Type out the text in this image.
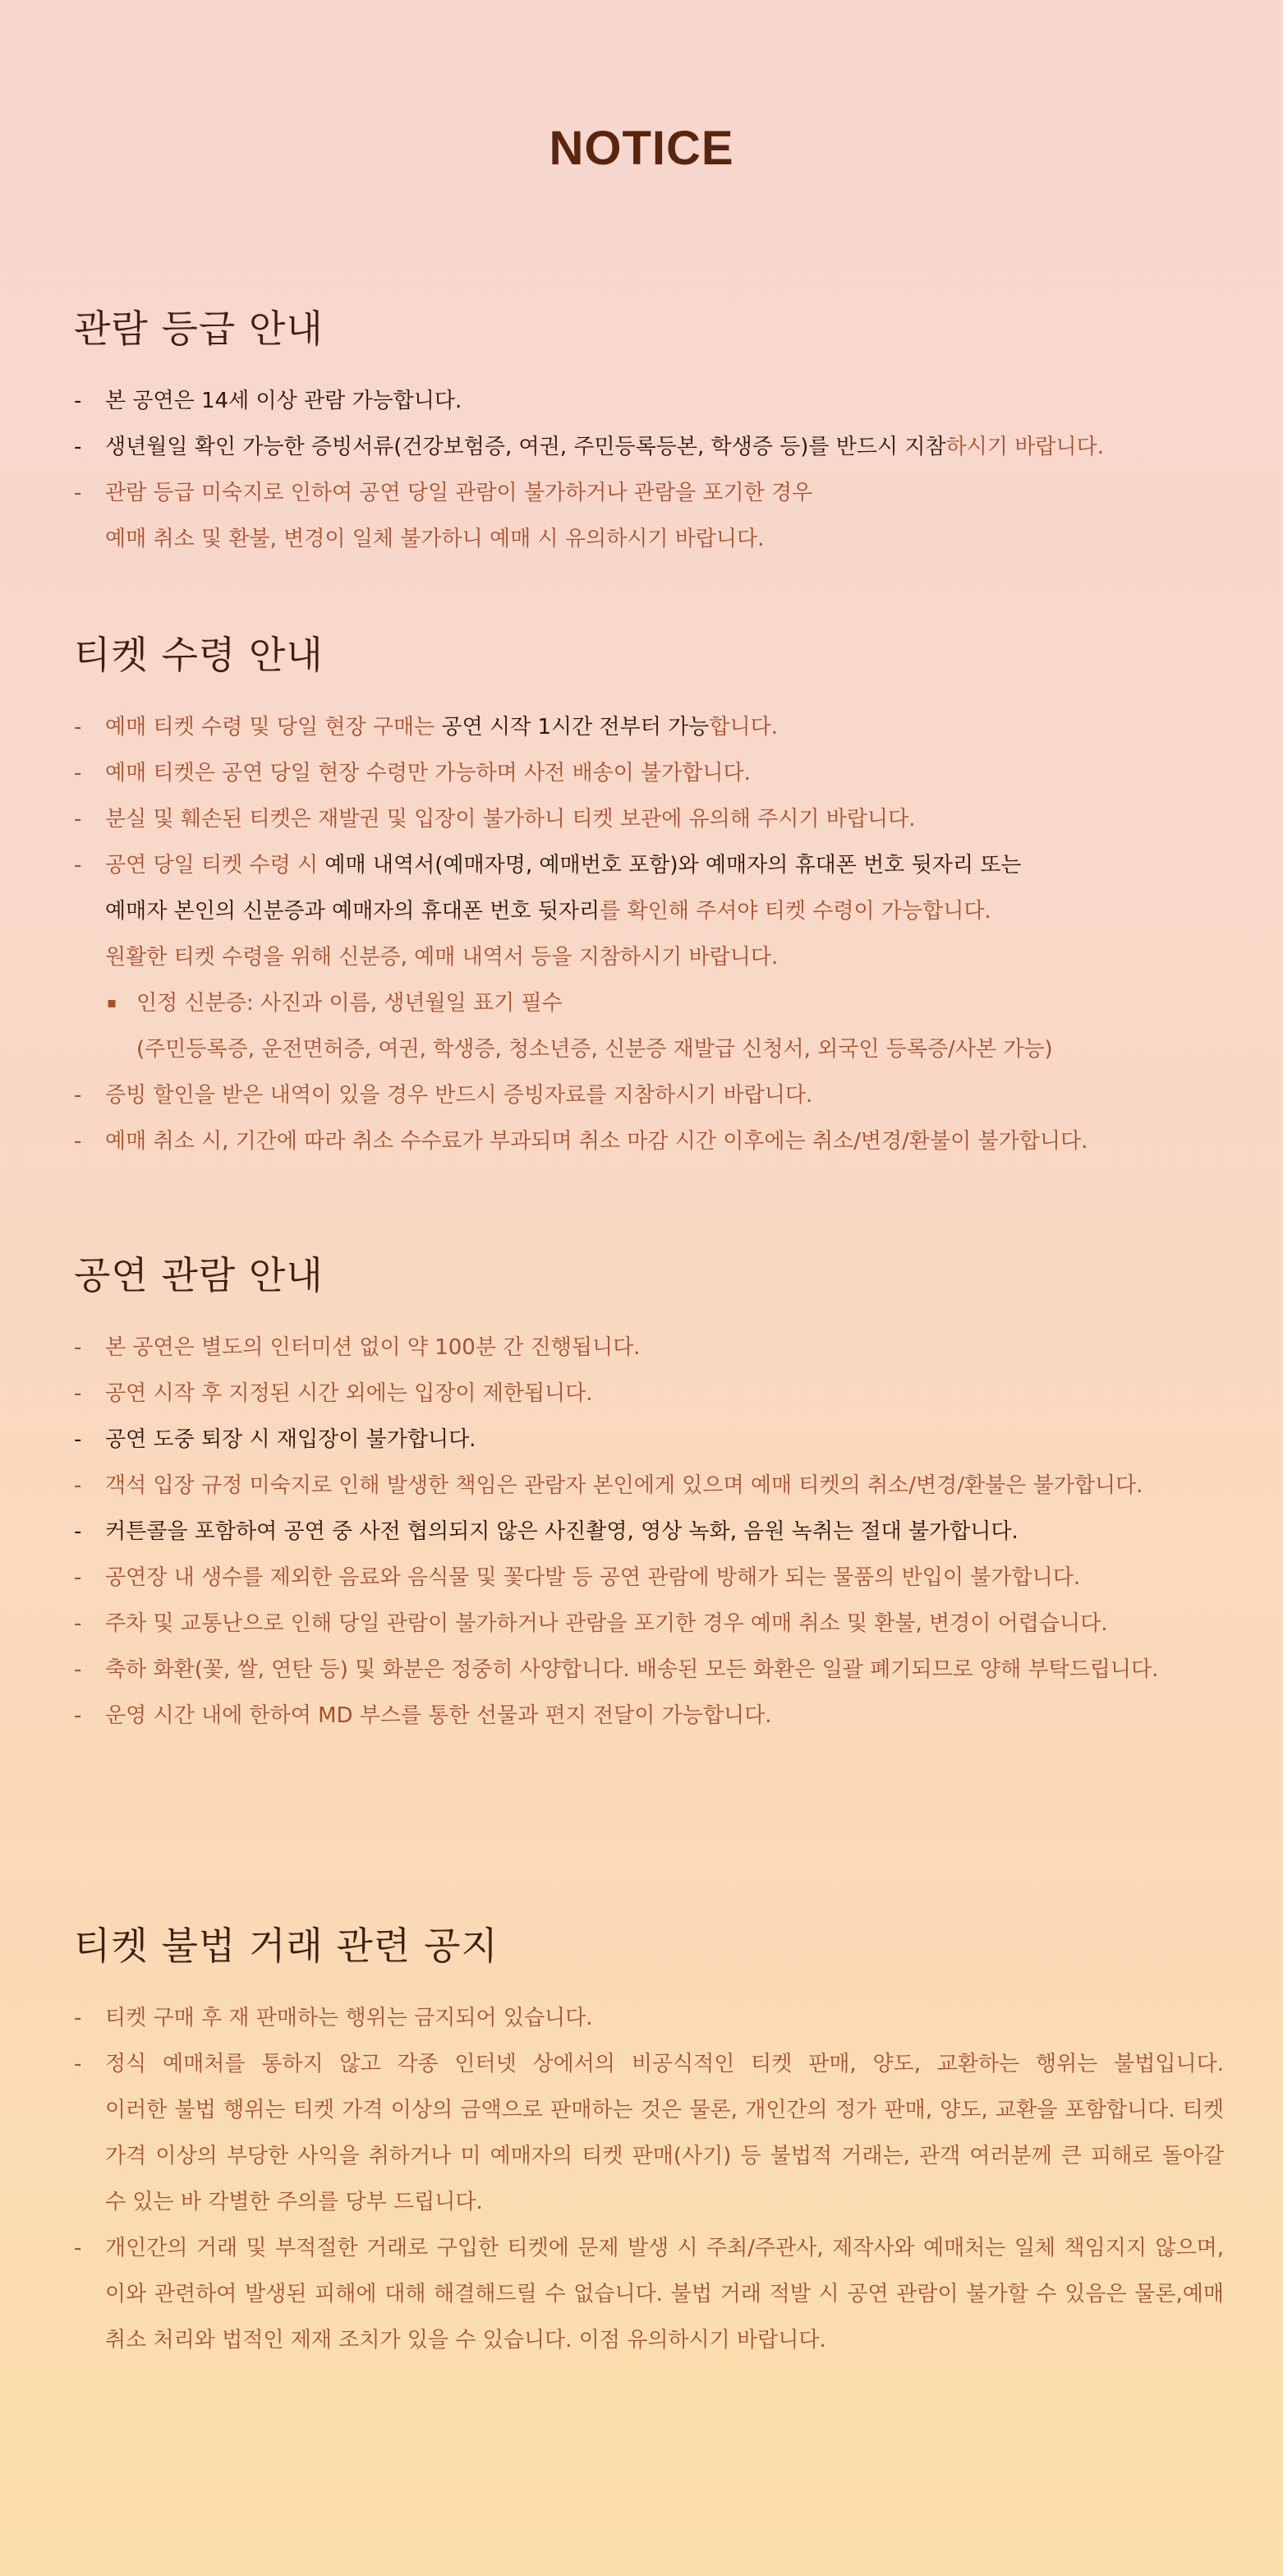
NOTICE
관람 등급 안내
- 본 공연은 14세 이상 관람 가능합니다.
- 생년월일 확인 가능한 증빙서류(건강보험증, 여권, 주민등록등본, 학생증 등)를 반드시 지참하시기 바랍니다.
- 관람 등급 미숙지로 인하여 공연 당일 관람이 불가하거나 관람을 포기한 경우
예매 취소 및 환불, 변경이 일체 불가하니 예매 시 유의하시기 바랍니다.
티켓 수령 안내
- 예매 티켓 수령 및 당일 현장 구매는 공연 시작 1시간 전부터 가능합니다.
- 예매 티켓은 공연 당일 현장 수령만 가능하며 사전 배송이 불가합니다.
- 분실 및 훼손된 티켓은 재발권 및 입장이 불가하니 티켓 보관에 유의해 주시기 바랍니다.
- 공연 당일 티켓 수령 시 예매 내역서(예매자명, 예매번호 포함)와 예매자의 휴대폰 번호 뒷자리 또는
예매자 본인의 신분증과 예매자의 휴대폰 번호 뒷자리를 확인해 주셔야 티켓 수령이 가능합니다.
원활한 티켓 수령을 위해 신분증, 예매 내역서 등을 지참하시기 바랍니다.
▪ 인정 신분증: 사진과 이름, 생년월일 표기 필수
(주민등록증, 운전면허증, 여권, 학생증, 청소년증, 신분증 재발급 신청서, 외국인 등록증/사본 가능)
- 증빙 할인을 받은 내역이 있을 경우 반드시 증빙자료를 지참하시기 바랍니다.
- 예매 취소 시, 기간에 따라 취소 수수료가 부과되며 취소 마감 시간 이후에는 취소/변경/환불이 불가합니다.
공연 관람 안내
- 본 공연은 별도의 인터미션 없이 약 100분 간 진행됩니다.
- 공연 시작 후 지정된 시간 외에는 입장이 제한됩니다.
- 공연 도중 퇴장 시 재입장이 불가합니다.
- 객석 입장 규정 미숙지로 인해 발생한 책임은 관람자 본인에게 있으며 예매 티켓의 취소/변경/환불은 불가합니다.
- 커튼콜을 포함하여 공연 중 사전 협의되지 않은 사진촬영, 영상 녹화, 음원 녹취는 절대 불가합니다.
- 공연장 내 생수를 제외한 음료와 음식물 및 꽃다발 등 공연 관람에 방해가 되는 물품의 반입이 불가합니다.
- 주차 및 교통난으로 인해 당일 관람이 불가하거나 관람을 포기한 경우 예매 취소 및 환불, 변경이 어렵습니다.
- 축하 화환(꽃, 쌀, 연탄 등) 및 화분은 정중히 사양합니다. 배송된 모든 화환은 일괄 폐기되므로 양해 부탁드립니다.
- 운영 시간 내에 한하여 MD 부스를 통한 선물과 편지 전달이 가능합니다.
티켓 불법 거래 관련 공지
- 티켓 구매 후 재 판매하는 행위는 금지되어 있습니다.
- 정식 예매처를 통하지 않고 각종 인터넷 상에서의 비공식적인 티켓 판매, 양도, 교환하는 행위는 불법입니다.
이러한 불법 행위는 티켓 가격 이상의 금액으로 판매하는 것은 물론, 개인간의 정가 판매, 양도, 교환을 포함합니다. 티켓
가격 이상의 부당한 사익을 취하거나 미 예매자의 티켓 판매(사기) 등 불법적 거래는, 관객 여러분께 큰 피해로 돌아갈
수 있는 바 각별한 주의를 당부 드립니다.
- 개인간의 거래 및 부적절한 거래로 구입한 티켓에 문제 발생 시 주최/주관사, 제작사와 예매처는 일체 책임지지 않으며,
이와 관련하여 발생된 피해에 대해 해결해드릴 수 없습니다. 불법 거래 적발 시 공연 관람이 불가할 수 있음은 물론,예매
취소 처리와 법적인 제재 조치가 있을 수 있습니다. 이점 유의하시기 바랍니다.
